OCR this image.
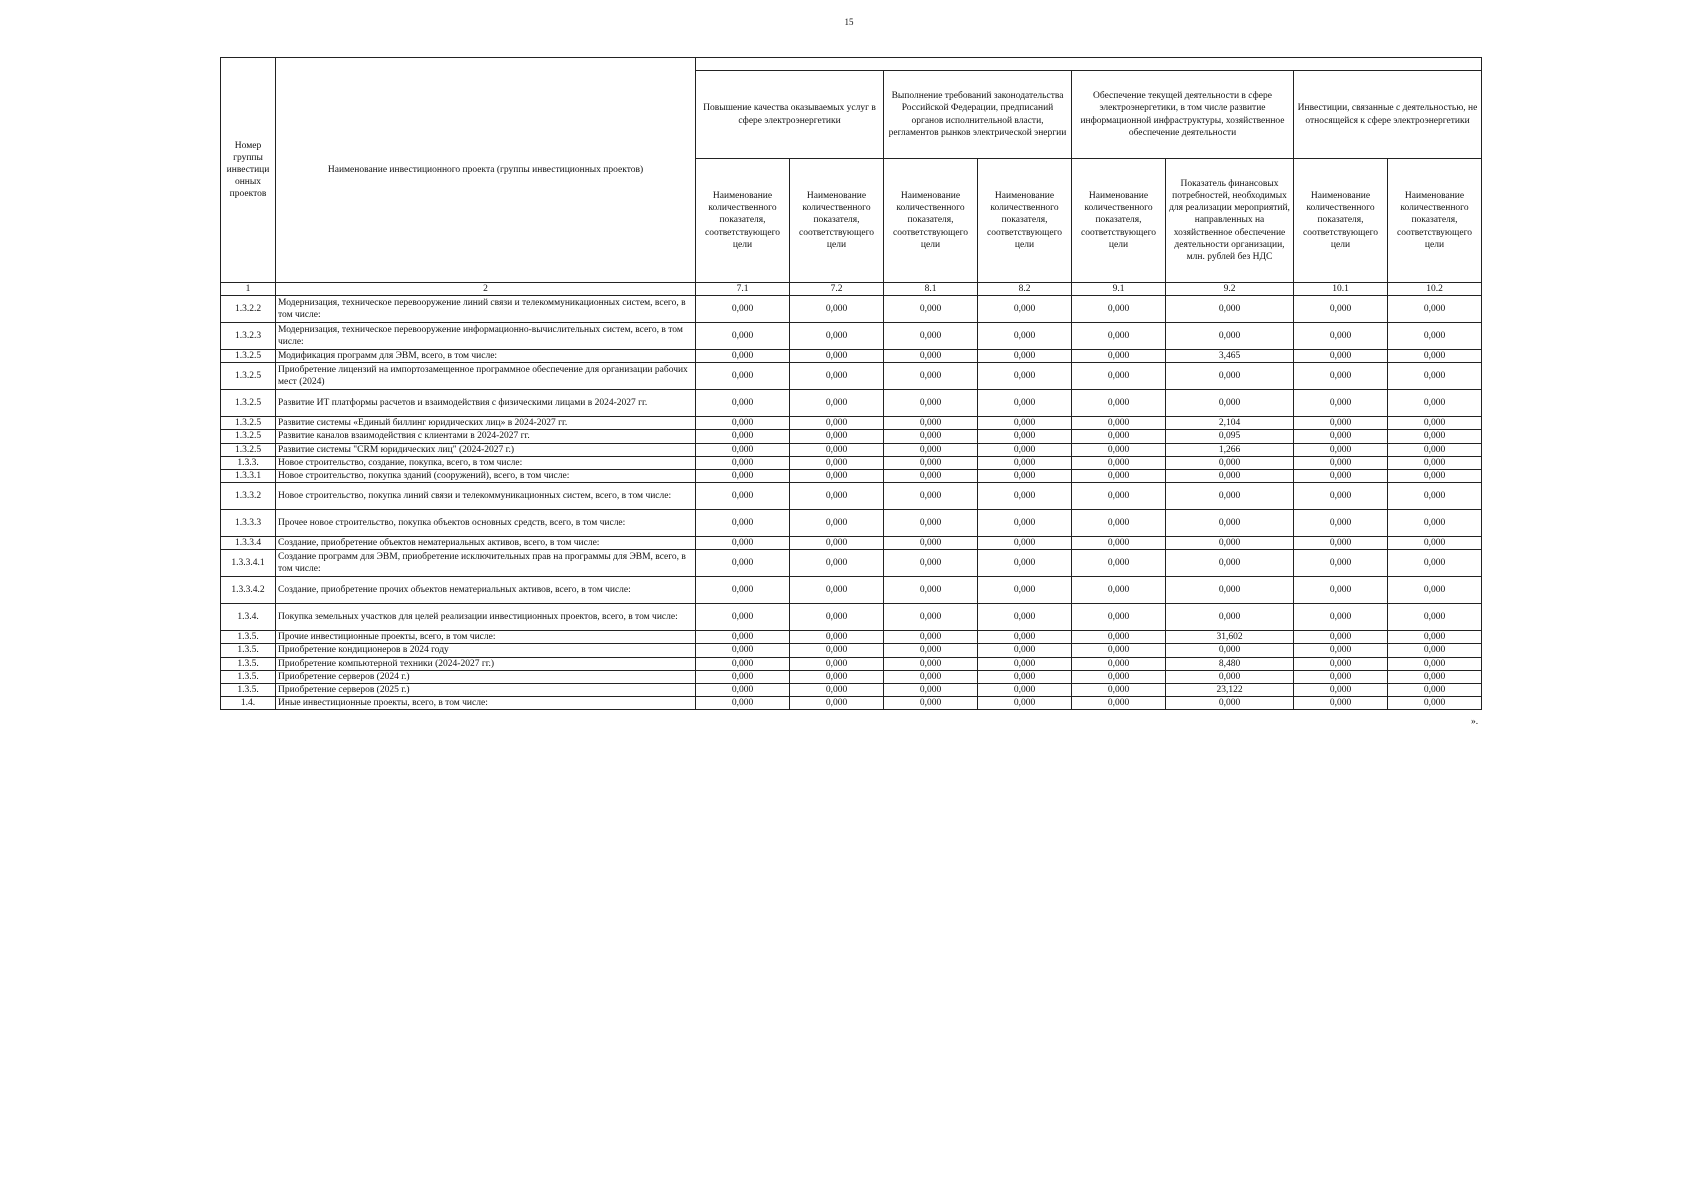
15
Номер группы инвестици онных проектов	Наименование инвестиционного проекта (группы инвестиционных проектов)								
		Повышение качества оказываемых услуг в сфере электроэнергетики		Выполнение требований законодательства Российской Федерации, предписаний органов исполнительной власти, регламентов рынков электрической энергии		Обеспечение текущей деятельности в сфере электроэнергетики, в том числе развитие информационной инфраструктуры, хозяйственное обеспечение деятельности		Инвестиции, связанные с деятельностью, не относящейся к сфере электроэнергетики	
		Наименование количественного показателя, соответствующего цели	Наименование количественного показателя, соответствующего цели	Наименование количественного показателя, соответствующего цели	Наименование количественного показателя, соответствующего цели	Наименование количественного показателя, соответствующего цели	Показатель финансовых потребностей, необходимых для реализации мероприятий, направленных на хозяйственное обеспечение деятельности организации, млн. рублей без НДС	Наименование количественного показателя, соответствующего цели	Наименование количественного показателя, соответствующего цели
1	2	7.1	7.2	8.1	8.2	9.1	9.2	10.1	10.2
1.3.2.2	Модернизация, техническое перевооружение линий связи и телекоммуникационных систем, всего, в том числе:	0,000	0,000	0,000	0,000	0,000	0,000	0,000	0,000
1.3.2.3	Модернизация, техническое перевооружение информационно-вычислительных систем, всего, в том числе:	0,000	0,000	0,000	0,000	0,000	0,000	0,000	0,000
1.3.2.5	Модификация программ для ЭВМ, всего, в том числе:	0,000	0,000	0,000	0,000	0,000	3,465	0,000	0,000
1.3.2.5	Приобретение лицензий на импортозамещенное программное обеспечение для организации рабочих мест (2024)	0,000	0,000	0,000	0,000	0,000	0,000	0,000	0,000
1.3.2.5	Развитие ИТ платформы расчетов и взаимодействия с физическими лицами в 2024-2027 гг.	0,000	0,000	0,000	0,000	0,000	0,000	0,000	0,000
1.3.2.5	Развитие системы «Единый биллинг юридических лиц» в 2024-2027 гг.	0,000	0,000	0,000	0,000	0,000	2,104	0,000	0,000
1.3.2.5	Развитие каналов взаимодействия с клиентами в 2024-2027 гг.	0,000	0,000	0,000	0,000	0,000	0,095	0,000	0,000
1.3.2.5	Развитие системы "CRM юридических лиц" (2024-2027 г.)	0,000	0,000	0,000	0,000	0,000	1,266	0,000	0,000
1.3.3.	Новое строительство, создание, покупка, всего, в том числе:	0,000	0,000	0,000	0,000	0,000	0,000	0,000	0,000
1.3.3.1	Новое строительство, покупка зданий (сооружений), всего, в том числе:	0,000	0,000	0,000	0,000	0,000	0,000	0,000	0,000
1.3.3.2	Новое строительство, покупка линий связи и телекоммуникационных систем, всего, в том числе:	0,000	0,000	0,000	0,000	0,000	0,000	0,000	0,000
1.3.3.3	Прочее новое строительство, покупка объектов основных средств, всего, в том числе:	0,000	0,000	0,000	0,000	0,000	0,000	0,000	0,000
1.3.3.4	Создание, приобретение объектов нематериальных активов, всего, в том числе:	0,000	0,000	0,000	0,000	0,000	0,000	0,000	0,000
1.3.3.4.1	Создание программ для ЭВМ, приобретение исключительных прав на программы для ЭВМ, всего, в том числе:	0,000	0,000	0,000	0,000	0,000	0,000	0,000	0,000
1.3.3.4.2	Создание, приобретение прочих объектов нематериальных активов, всего, в том числе:	0,000	0,000	0,000	0,000	0,000	0,000	0,000	0,000
1.3.4.	Покупка земельных участков для целей реализации инвестиционных проектов, всего, в том числе:	0,000	0,000	0,000	0,000	0,000	0,000	0,000	0,000
1.3.5.	Прочие инвестиционные проекты, всего, в том числе:	0,000	0,000	0,000	0,000	0,000	31,602	0,000	0,000
1.3.5.	Приобретение кондиционеров в 2024 году	0,000	0,000	0,000	0,000	0,000	0,000	0,000	0,000
1.3.5.	Приобретение компьютерной техники (2024-2027 гг.)	0,000	0,000	0,000	0,000	0,000	8,480	0,000	0,000
1.3.5.	Приобретение серверов (2024 г.)	0,000	0,000	0,000	0,000	0,000	0,000	0,000	0,000
1.3.5.	Приобретение серверов (2025 г.)	0,000	0,000	0,000	0,000	0,000	23,122	0,000	0,000
1.4.	Иные инвестиционные проекты, всего, в том числе:	0,000	0,000	0,000	0,000	0,000	0,000	0,000	0,000
».
